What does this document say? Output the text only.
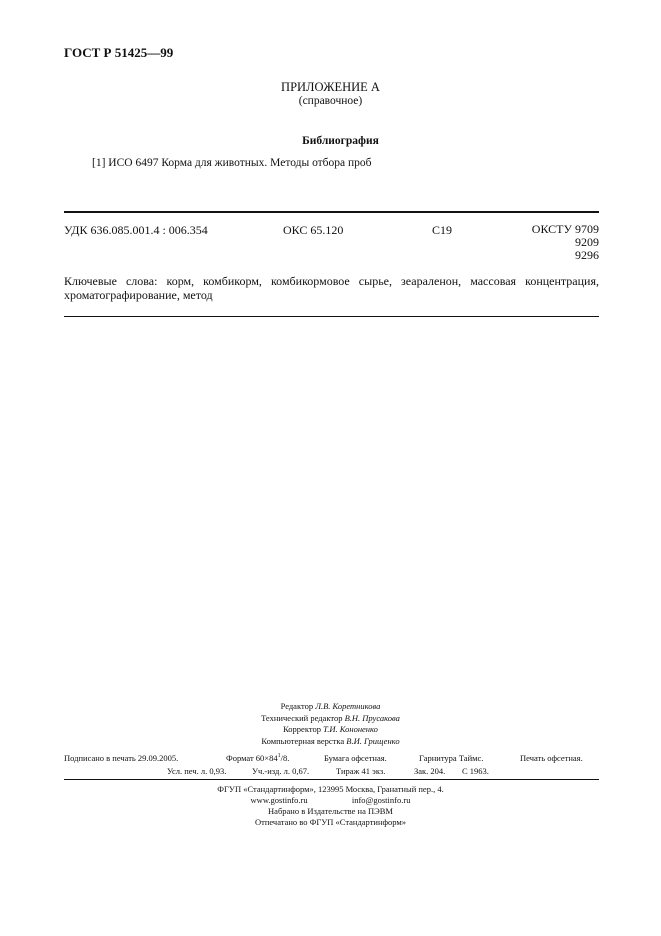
ГОСТ Р 51425—99
ПРИЛОЖЕНИЕ А
(справочное)
Библиография
[1] ИСО 6497 Корма для животных. Методы отбора проб
УДК 636.085.001.4 : 006.354	ОКС 65.120	С19	ОКСТУ 9709
9209
9296
Ключевые слова: корм, комбикорм, комбикормовое сырье, зеараленон, массовая концентрация, хроматографирование, метод
Редактор Л.В. Коретникова
Технический редактор В.Н. Прусакова
Корректор Т.И. Кононенко
Компьютерная верстка В.И. Грищенко
Подписано в печать 29.09.2005.	Формат $60\times 84^1/8$.	Бумага офсетная.	Гарнитура Таймс.	Печать офсетная.
Усл. печ. л. 0,93.	Уч.-изд. л. 0,67.	Тираж 41 экз.	Зак. 204. С 1963.
ФГУП «Стандартинформ», 123995 Москва, Гранатный пер., 4.
www.gostinfo.ru	info@gostinfo.ru
Набрано в Издательстве на ПЭВМ
Отпечатано во ФГУП «Стандартинформ»
